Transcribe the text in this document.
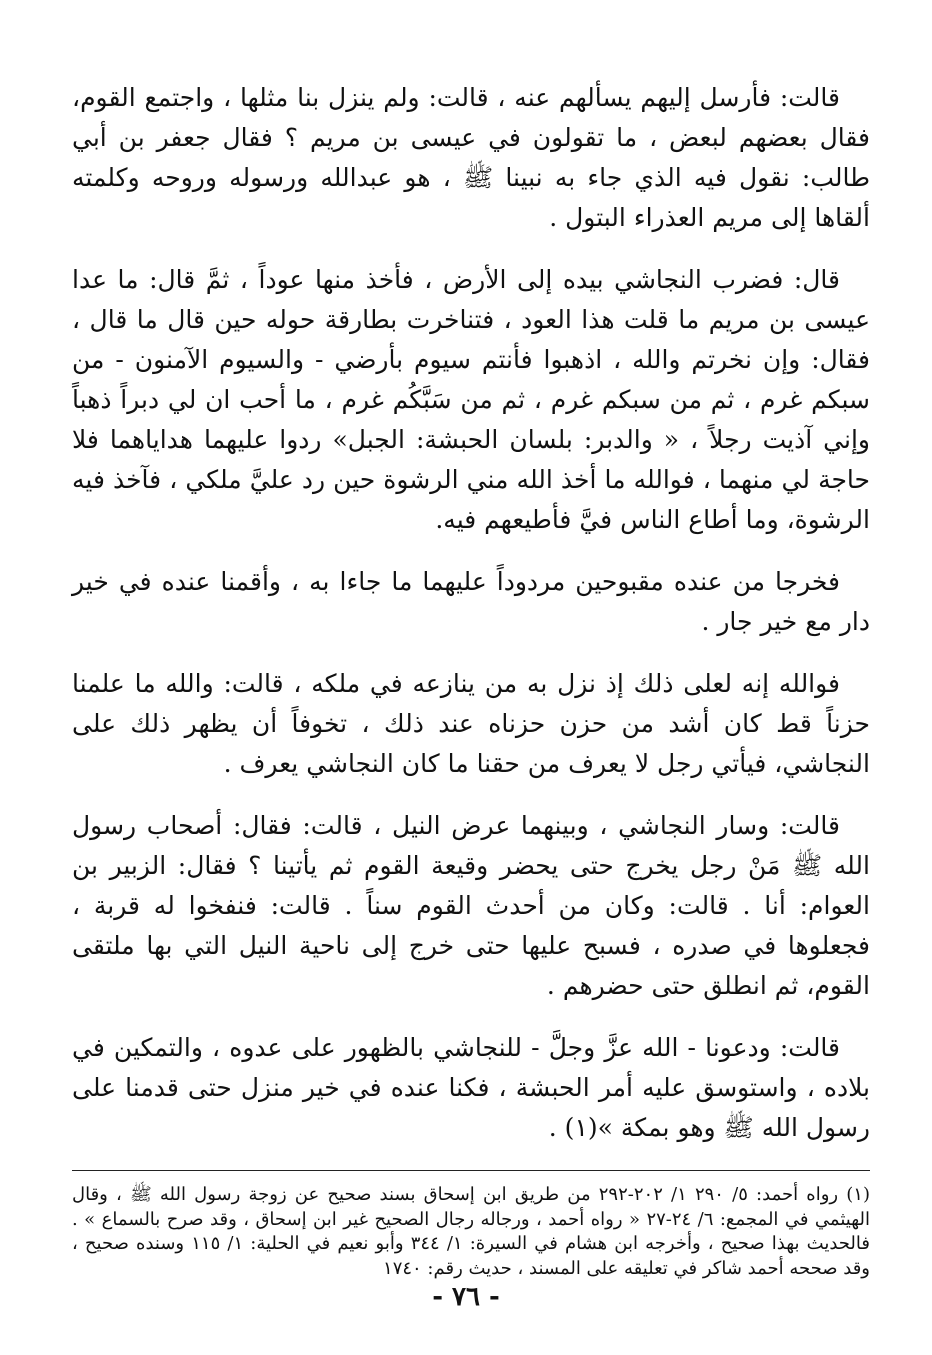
قالت: فأرسل إليهم يسألهم عنه ، قالت: ولم ينزل بنا مثلها ، واجتمع القوم، فقال بعضهم لبعض ، ما تقولون في عيسى بن مريم ؟ فقال جعفر بن أبي طالب: نقول فيه الذي جاء به نبينا ﷺ ، هو عبدالله ورسوله وروحه وكلمته ألقاها إلى مريم العذراء البتول .

قال: فضرب النجاشي بيده إلى الأرض ، فأخذ منها عوداً ، ثمَّ قال: ما عدا عيسى بن مريم ما قلت هذا العود ، فتناخرت بطارقة حوله حين قال ما قال ، فقال: وإن نخرتم والله ، اذهبوا فأنتم سيوم بأرضي - والسيوم الآمنون - من سبكم غرم ، ثم من سبكم غرم ، ثم من سَبَّكُم غرم ، ما أحب ان لي دبراً ذهباً وإني آذيت رجلاً ، « والدبر: بلسان الحبشة: الجبل» ردوا عليهما هداياهما فلا حاجة لي منهما ، فوالله ما أخذ الله مني الرشوة حين رد عليَّ ملكي ، فآخذ فيه الرشوة، وما أطاع الناس فيَّ فأطيعهم فيه.

فخرجا من عنده مقبوحين مردوداً عليهما ما جاءا به ، وأقمنا عنده في خير دار مع خير جار .

فوالله إنه لعلى ذلك إذ نزل به من ينازعه في ملكه ، قالت: والله ما علمنا حزناً قط كان أشد من حزن حزناه عند ذلك ، تخوفاً أن يظهر ذلك على النجاشي، فيأتي رجل لا يعرف من حقنا ما كان النجاشي يعرف .

قالت: وسار النجاشي ، وبينهما عرض النيل ، قالت: فقال: أصحاب رسول الله ﷺ مَنْ رجل يخرج حتى يحضر وقيعة القوم ثم يأتينا ؟ فقال: الزبير بن العوام: أنا . قالت: وكان من أحدث القوم سناً . قالت: فنفخوا له قربة ، فجعلوها في صدره ، فسبح عليها حتى خرج إلى ناحية النيل التي بها ملتقى القوم، ثم انطلق حتى حضرهم .

قالت: ودعونا - الله عزَّ وجلَّ - للنجاشي بالظهور على عدوه ، والتمكين في بلاده ، واستوسق عليه أمر الحبشة ، فكنا عنده في خير منزل حتى قدمنا على رسول الله ﷺ وهو بمكة »(١) .

(١) رواه أحمد: ٥/ ٢٩٠ ١/ ٢٠٢-٢٩٢ من طريق ابن إسحاق بسند صحيح عن زوجة رسول الله ﷺ ، وقال الهيثمي في المجمع: ٦/ ٢٤-٢٧ « رواه أحمد ، ورجاله رجال الصحيح غير ابن إسحاق ، وقد صرح بالسماع » . فالحديث بهذا صحيح ، وأخرجه ابن هشام في السيرة: ١/ ٣٤٤ وأبو نعيم في الحلية: ١/ ١١٥ وسنده صحيح ، وقد صححه أحمد شاكر في تعليقه على المسند ، حديث رقم: ١٧٤٠
- ٧٦ -
